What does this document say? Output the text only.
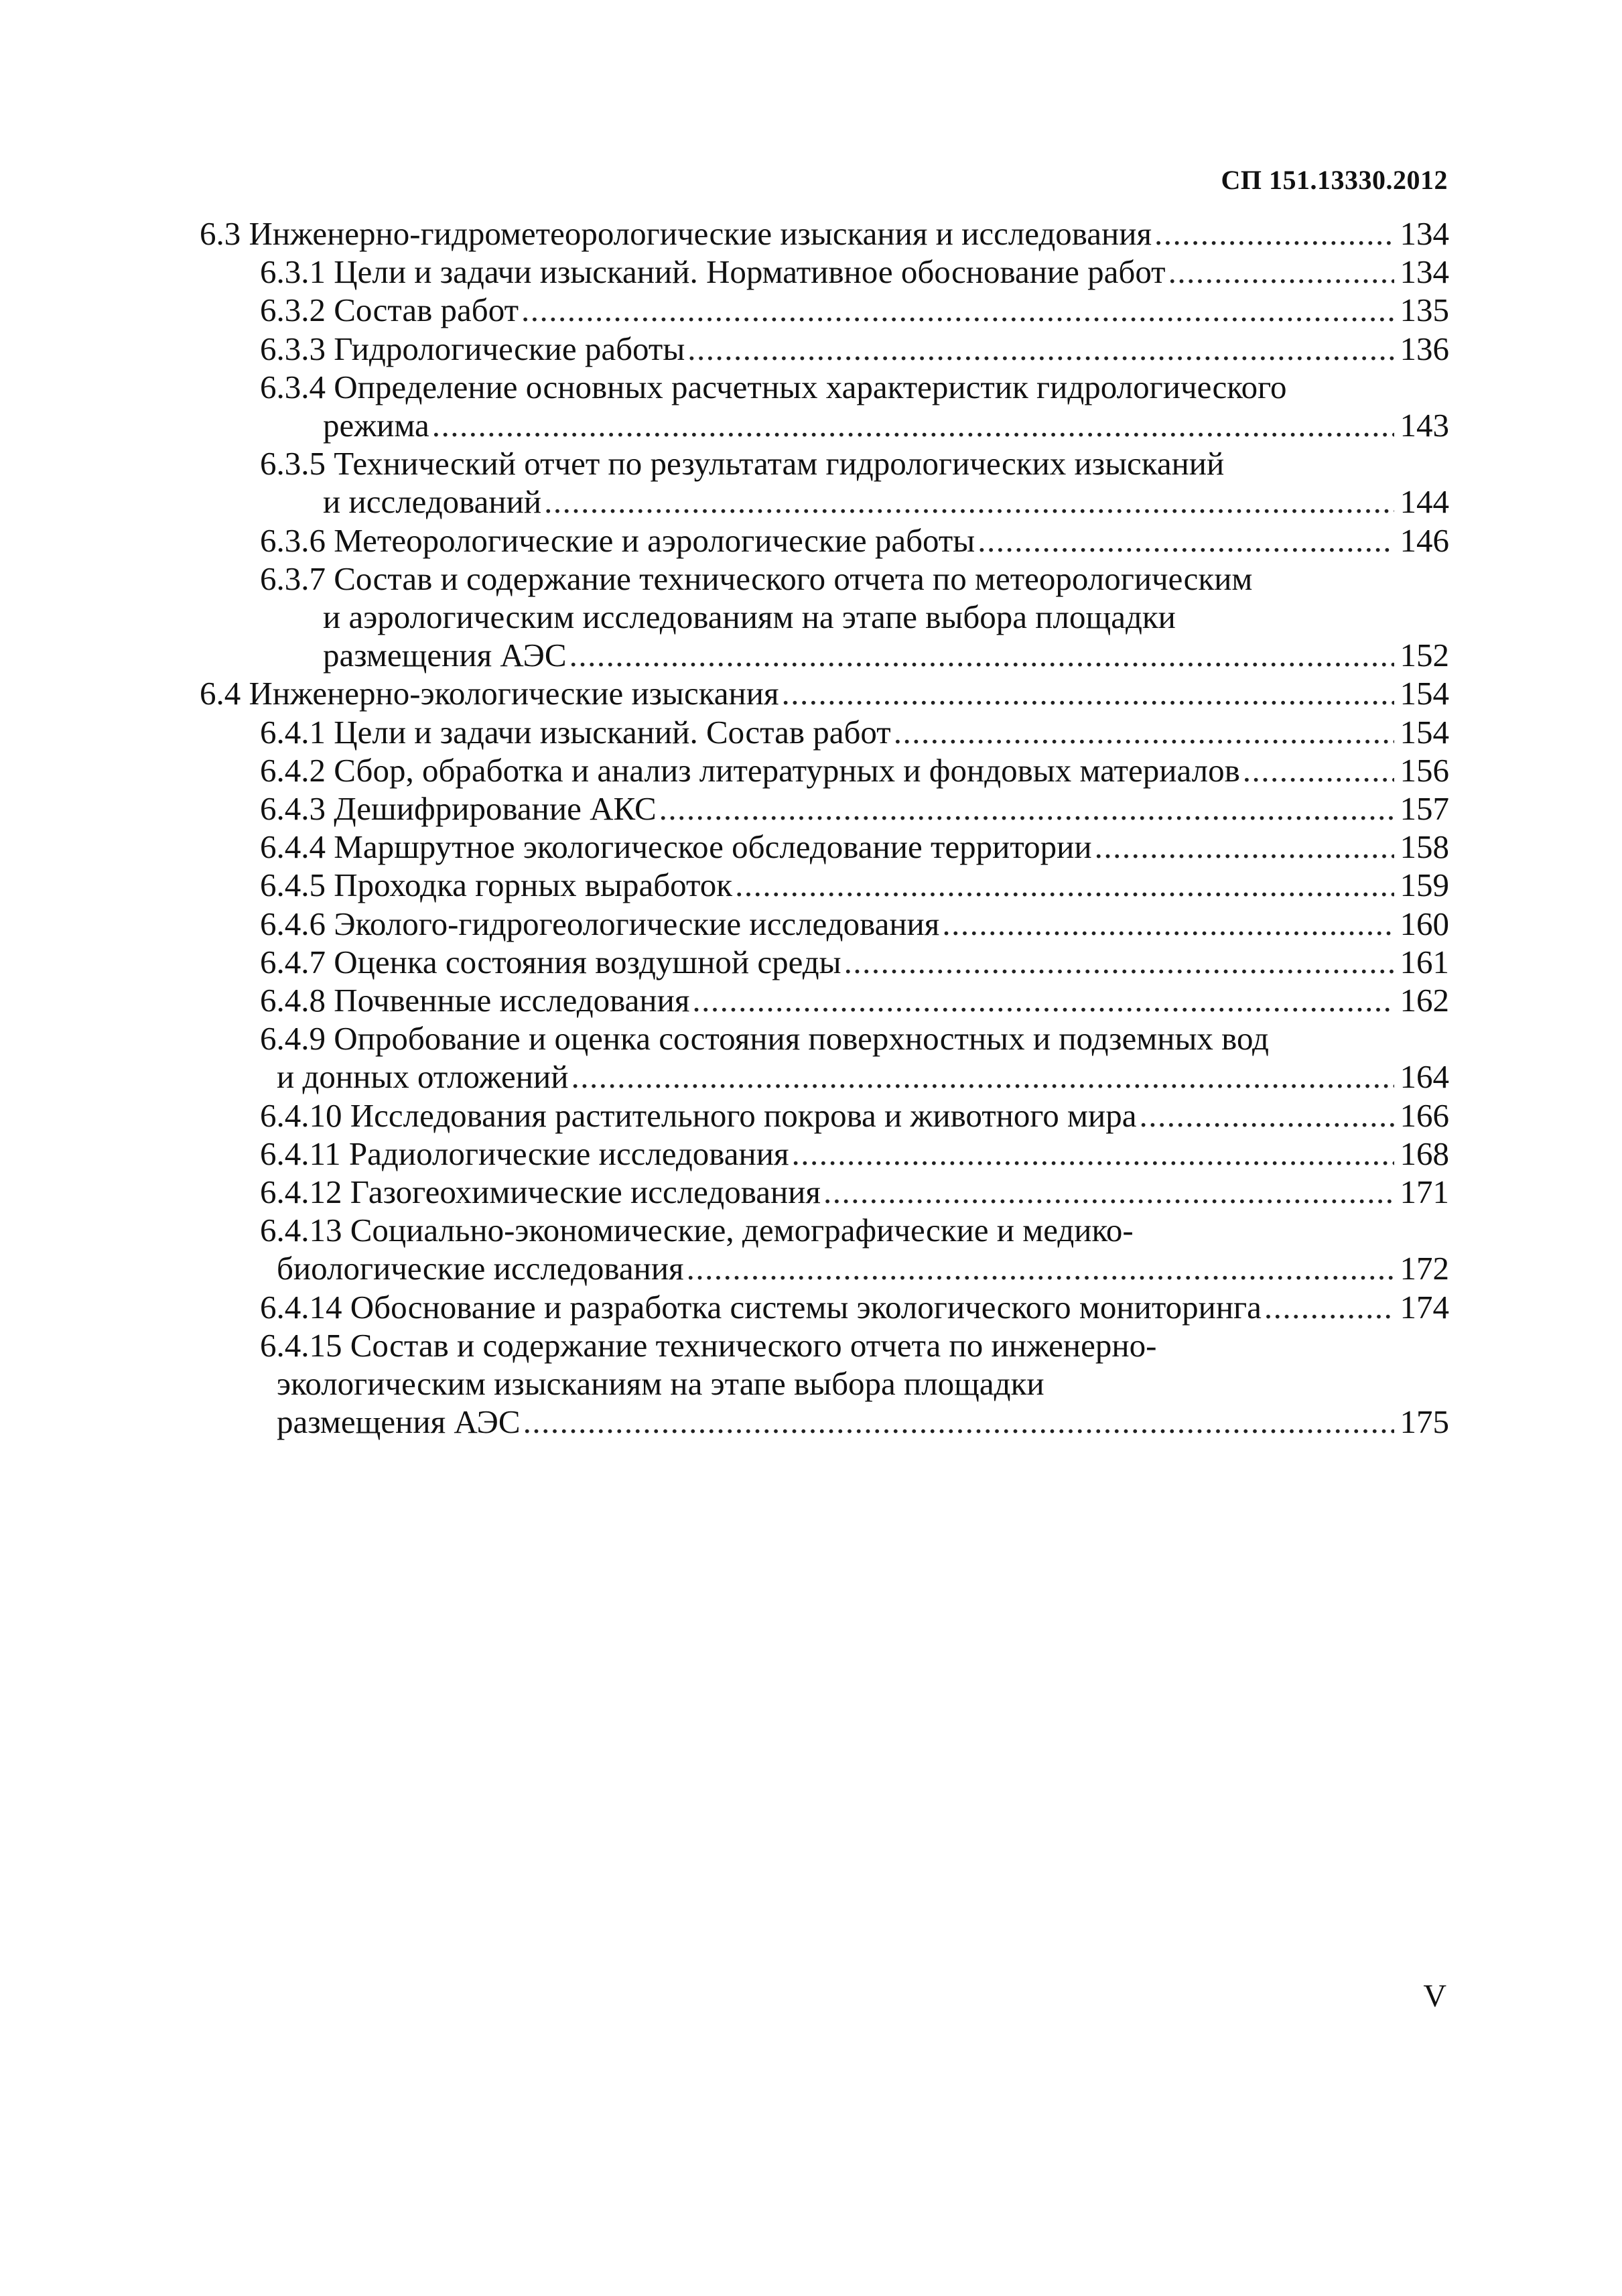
СП 151.13330.2012
6.3 Инженерно-гидрометеорологические изыскания и исследования .....	134
6.3.1 Цели и задачи изысканий. Нормативное обоснование работ .....	134
6.3.2 Состав работ .....	135
6.3.3 Гидрологические работы .....	136
6.3.4 Определение основных расчетных характеристик гидрологического
режима .....	143
6.3.5 Технический отчет по результатам гидрологических изысканий
и исследований .....	144
6.3.6 Метеорологические и аэрологические работы .....	146
6.3.7 Состав и содержание технического отчета по метеорологическим
и аэрологическим исследованиям на этапе выбора площадки
размещения АЭС .....	152
6.4 Инженерно-экологические изыскания .....	154
6.4.1 Цели и задачи изысканий. Состав работ .....	154
6.4.2 Сбор, обработка и анализ литературных и фондовых материалов .....	156
6.4.3 Дешифрирование АКС .....	157
6.4.4 Маршрутное экологическое обследование территории .....	158
6.4.5 Проходка горных выработок .....	159
6.4.6 Эколого-гидрогеологические исследования .....	160
6.4.7 Оценка состояния воздушной среды .....	161
6.4.8 Почвенные исследования .....	162
6.4.9 Опробование и оценка состояния поверхностных и подземных вод
и донных отложений .....	164
6.4.10 Исследования растительного покрова и животного мира .....	166
6.4.11 Радиологические исследования .....	168
6.4.12 Газогеохимические исследования .....	171
6.4.13 Социально-экономические, демографические и медико-
биологические исследования .....	172
6.4.14 Обоснование и разработка системы экологического мониторинга .....	174
6.4.15 Состав и содержание технического отчета по инженерно-
экологическим изысканиям на этапе выбора площадки
размещения АЭС .....	175
V
